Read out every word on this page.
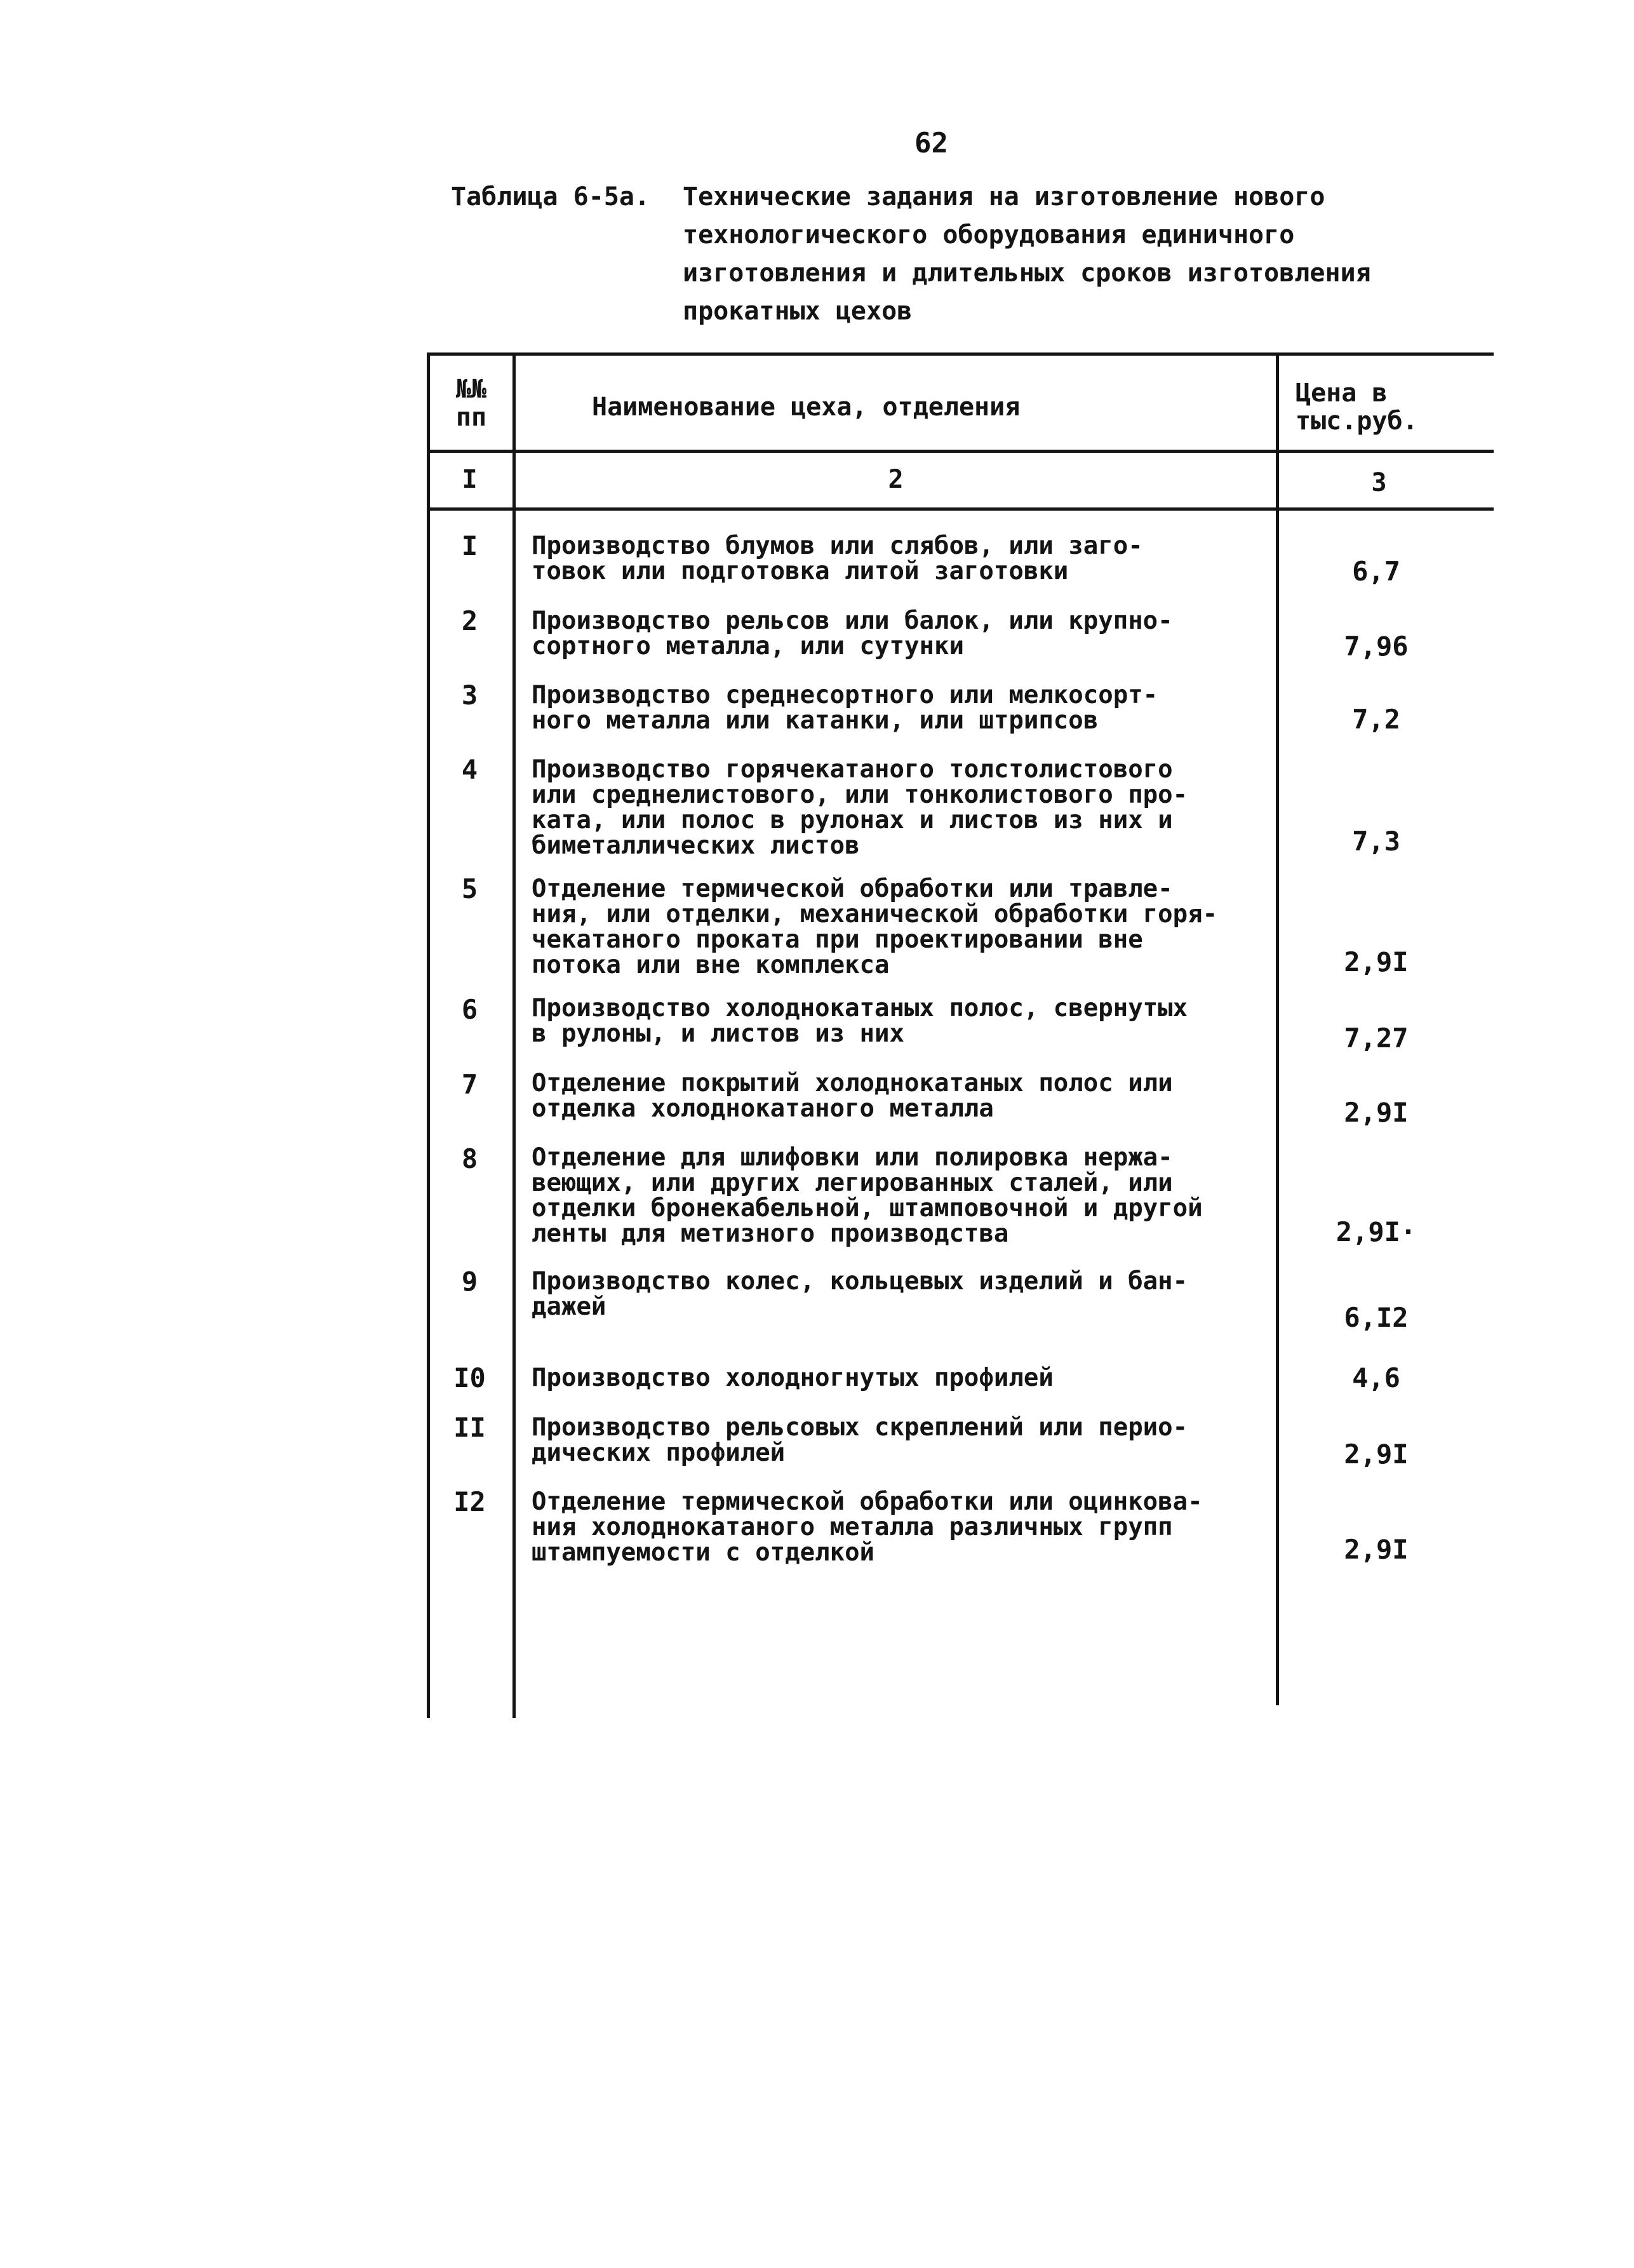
62
Таблица 6-5а. Технические задания на изготовление нового
технологического оборудования единичного
изготовления и длительных сроков изготовления
прокатных цехов
№№ пп	Наименование цеха, отделения	Цена в тыс.руб.
I	2	3
I	Производство блумов или слябов, или заго-
товок или подготовка литой заготовки	6,7
2	Производство рельсов или балок, или крупно-
сортного металла, или сутунки	7,96
3	Производство среднесортного или мелкосорт-
ного металла или катанки, или штрипсов	7,2
4	Производство горячекатаного толстолистового
или среднелистового, или тонколистового про-
ката, или полос в рулонах и листов из них и
биметаллических листов	7,3
5	Отделение термической обработки или травле-
ния, или отделки, механической обработки горя-
чекатаного проката при проектировании вне
потока или вне комплекса	2,9I
6	Производство холоднокатаных полос, свернутых
в рулоны, и листов из них	7,27
7	Отделение покрытий холоднокатаных полос или
отделка холоднокатаного металла	2,9I
8	Отделение для шлифовки или полировка нержа-
веющих, или других легированных сталей, или
отделки бронекабельной, штамповочной и другой
ленты для метизного производства	2,9I·
9	Производство колес, кольцевых изделий и бан-
дажей	6,I2
I0	Производство холодногнутых профилей	4,6
II	Производство рельсовых скреплений или перио-
дических профилей	2,9I
I2	Отделение термической обработки или оцинкова-
ния холоднокатаного металла различных групп
штампуемости с отделкой	2,9I
